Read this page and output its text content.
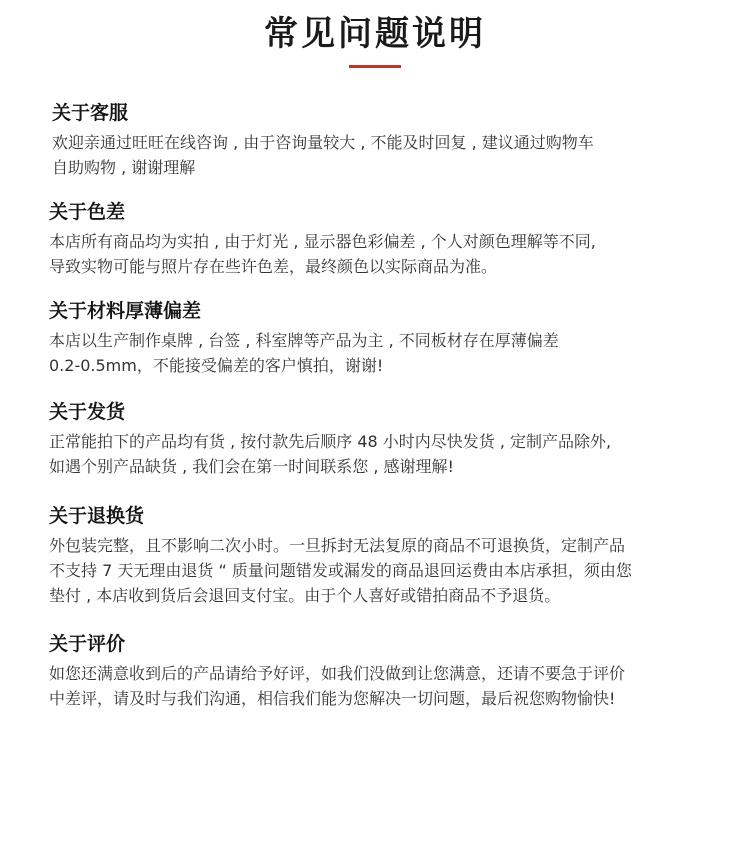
常见问题说明
关于客服

欢迎亲通过旺旺在线咨询 , 由于咨询量较大 , 不能及时回复 , 建议通过购物车
自助购物 , 谢谢理解

关于色差

本店所有商品均为实拍 , 由于灯光 , 显示器色彩偏差 , 个人对颜色理解等不同,
导致实物可能与照片存在些许色差，最终颜色以实际商品为准。

关于材料厚薄偏差

本店以生产制作桌牌 , 台签 , 科室牌等产品为主 , 不同板材存在厚薄偏差
0.2-0.5mm，不能接受偏差的客户慎拍，谢谢!

关于发货

正常能拍下的产品均有货 , 按付款先后顺序 48 小时内尽快发货 , 定制产品除外,
如遇个别产品缺货 , 我们会在第一时间联系您 , 感谢理解!

关于退换货

外包装完整，且不影响二次小时。一旦拆封无法复原的商品不可退换货，定制产品
不支持 7 天无理由退货 “ 质量问题错发或漏发的商品退回运费由本店承担，须由您
垫付 , 本店收到货后会退回支付宝。由于个人喜好或错拍商品不予退货。

关于评价

如您还满意收到后的产品请给予好评，如我们没做到让您满意，还请不要急于评价
中差评，请及时与我们沟通，相信我们能为您解决一切问题，最后祝您购物愉快!
